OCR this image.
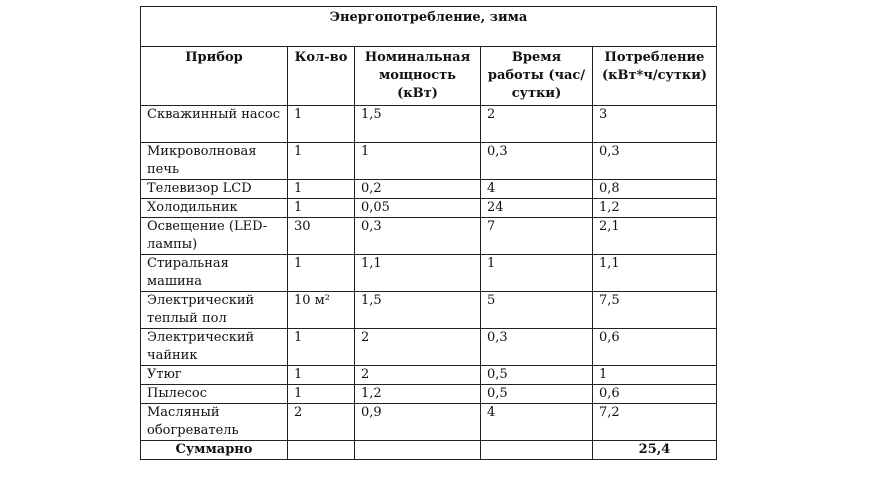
Энергопотребление, зима				
Прибор	Кол-во	Номинальная мощность (кВт)	Время работы (час/сутки)	Потребление (кВт*ч/сутки)
Скважинный насос	1	1,5	2	3
Микроволновая печь	1	1	0,3	0,3
Телевизор LCD	1	0,2	4	0,8
Холодильник	1	0,05	24	1,2
Освещение (LED-лампы)	30	0,3	7	2,1
Стиральная машина	1	1,1	1	1,1
Электрический теплый пол	10 м²	1,5	5	7,5
Электрический чайник	1	2	0,3	0,6
Утюг	1	2	0,5	1
Пылесос	1	1,2	0,5	0,6
Масляный обогреватель	2	0,9	4	7,2
Суммарно				25,4
